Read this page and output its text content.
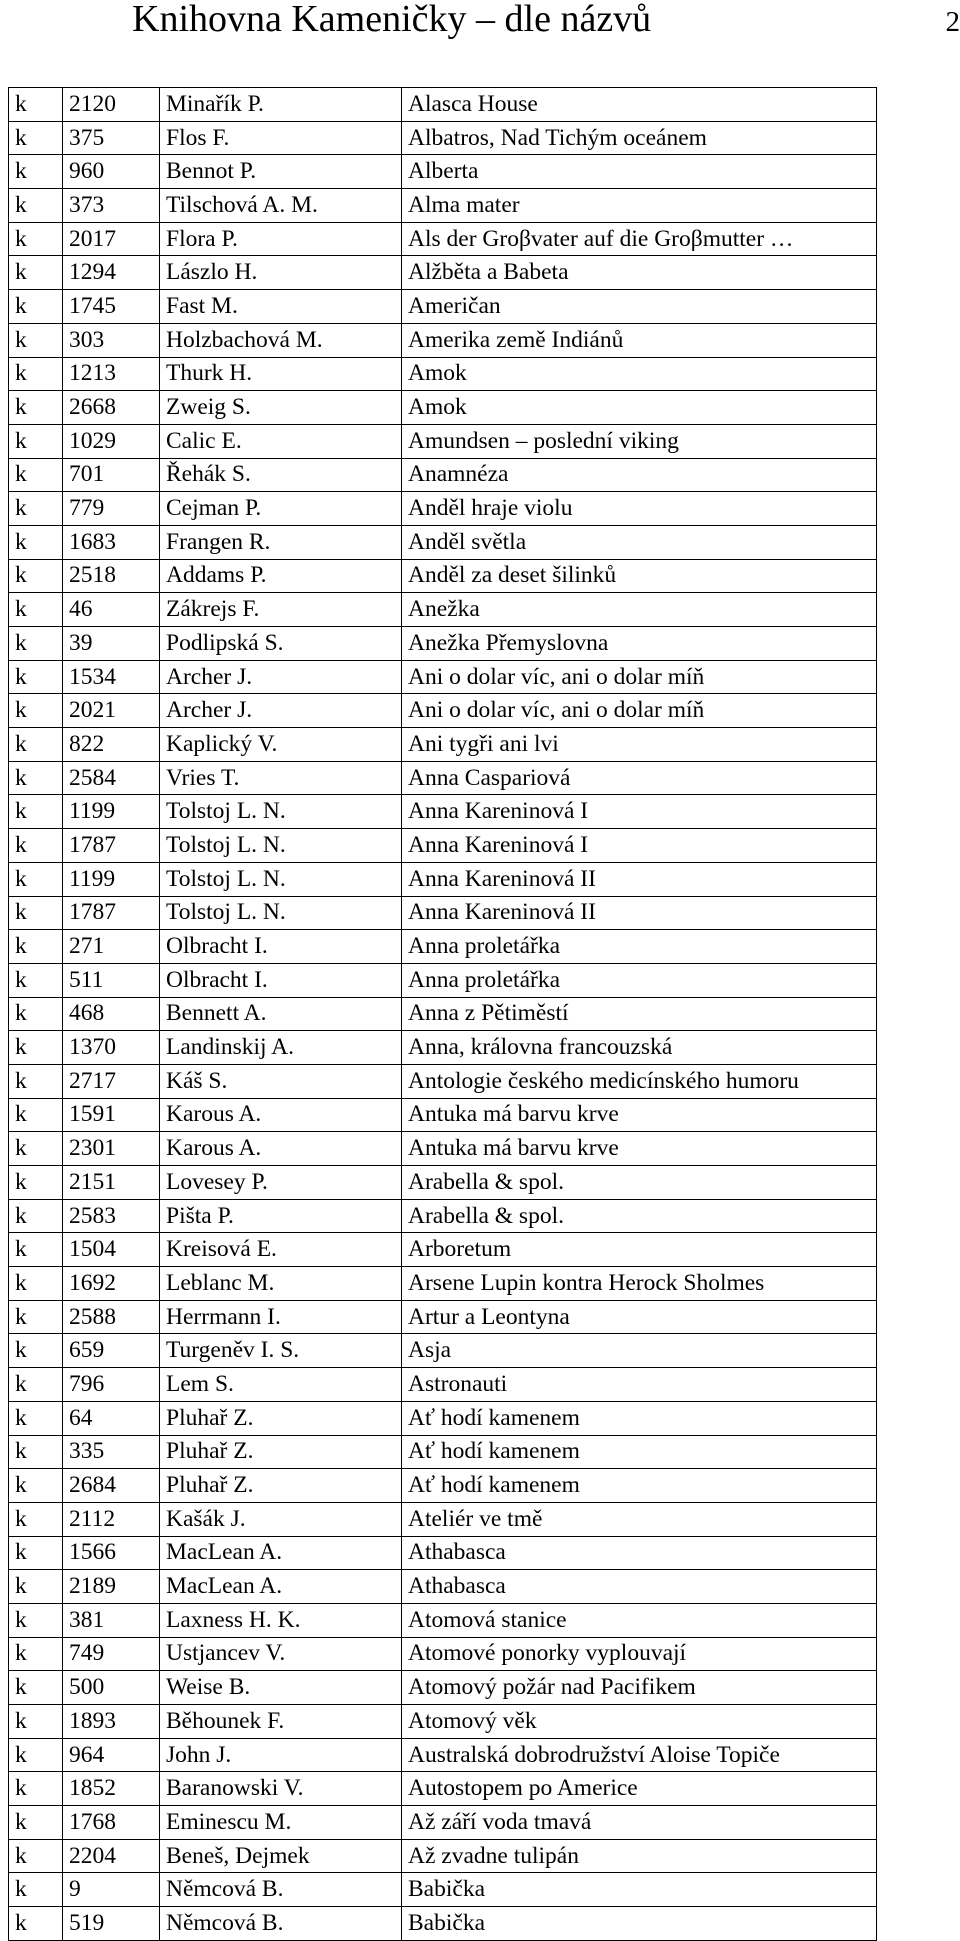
Knihovna Kameničky – dle názvů	2
k	2120	Minařík P.	Alasca House
k	375	Flos F.	Albatros, Nad Tichým oceánem
k	960	Bennot P.	Alberta
k	373	Tilschová A. M.	Alma mater
k	2017	Flora P.	Als der Groβvater auf die Groβmutter …
k	1294	Lászlo H.	Alžběta a Babeta
k	1745	Fast M.	Američan
k	303	Holzbachová M.	Amerika země Indiánů
k	1213	Thurk H.	Amok
k	2668	Zweig S.	Amok
k	1029	Calic E.	Amundsen – poslední viking
k	701	Řehák S.	Anamnéza
k	779	Cejman P.	Anděl hraje violu
k	1683	Frangen R.	Anděl světla
k	2518	Addams P.	Anděl za deset šilinků
k	46	Zákrejs F.	Anežka
k	39	Podlipská S.	Anežka Přemyslovna
k	1534	Archer J.	Ani o dolar víc, ani o dolar míň
k	2021	Archer J.	Ani o dolar víc, ani o dolar míň
k	822	Kaplický V.	Ani tygři ani lvi
k	2584	Vries T.	Anna Caspariová
k	1199	Tolstoj L. N.	Anna Kareninová I
k	1787	Tolstoj L. N.	Anna Kareninová I
k	1199	Tolstoj L. N.	Anna Kareninová II
k	1787	Tolstoj L. N.	Anna Kareninová II
k	271	Olbracht I.	Anna proletářka
k	511	Olbracht I.	Anna proletářka
k	468	Bennett A.	Anna z Pětiměstí
k	1370	Landinskij A.	Anna, královna francouzská
k	2717	Káš S.	Antologie českého medicínského humoru
k	1591	Karous A.	Antuka má barvu krve
k	2301	Karous A.	Antuka má barvu krve
k	2151	Lovesey P.	Arabella & spol.
k	2583	Pišta P.	Arabella & spol.
k	1504	Kreisová E.	Arboretum
k	1692	Leblanc M.	Arsene Lupin kontra Herock Sholmes
k	2588	Herrmann I.	Artur a Leontyna
k	659	Turgeněv I. S.	Asja
k	796	Lem S.	Astronauti
k	64	Pluhař Z.	Ať hodí kamenem
k	335	Pluhař Z.	Ať hodí kamenem
k	2684	Pluhař Z.	Ať hodí kamenem
k	2112	Kašák J.	Ateliér ve tmě
k	1566	MacLean A.	Athabasca
k	2189	MacLean A.	Athabasca
k	381	Laxness H. K.	Atomová stanice
k	749	Ustjancev V.	Atomové ponorky vyplouvají
k	500	Weise B.	Atomový požár nad Pacifikem
k	1893	Běhounek F.	Atomový věk
k	964	John J.	Australská dobrodružství Aloise Topiče
k	1852	Baranowski V.	Autostopem po Americe
k	1768	Eminescu M.	Až září voda tmavá
k	2204	Beneš, Dejmek	Až zvadne tulipán
k	9	Němcová B.	Babička
k	519	Němcová B.	Babička
